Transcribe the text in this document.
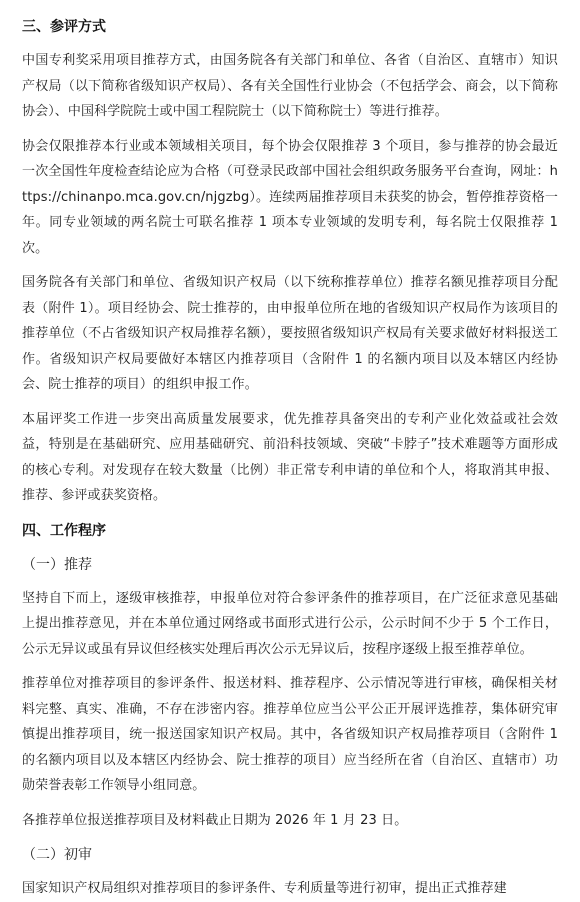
三、参评方式

中国专利奖采用项目推荐方式，由国务院各有关部门和单位、各省（自治区、直辖市）知识产权局（以下简称省级知识产权局）、各有关全国性行业协会（不包括学会、商会，以下简称协会）、中国科学院院士或中国工程院院士（以下简称院士）等进行推荐。

协会仅限推荐本行业或本领域相关项目，每个协会仅限推荐 3 个项目，参与推荐的协会最近一次全国性年度检查结论应为合格（可登录民政部中国社会组织政务服务平台查询，网址：https://chinanpo.mca.gov.cn/njgzbg）。连续两届推荐项目未获奖的协会，暂停推荐资格一年。同专业领域的两名院士可联名推荐 1 项本专业领域的发明专利，每名院士仅限推荐 1 次。

国务院各有关部门和单位、省级知识产权局（以下统称推荐单位）推荐名额见推荐项目分配表（附件 1）。项目经协会、院士推荐的，由申报单位所在地的省级知识产权局作为该项目的推荐单位（不占省级知识产权局推荐名额），要按照省级知识产权局有关要求做好材料报送工作。省级知识产权局要做好本辖区内推荐项目（含附件 1 的名额内项目以及本辖区内经协会、院士推荐的项目）的组织申报工作。

本届评奖工作进一步突出高质量发展要求，优先推荐具备突出的专利产业化效益或社会效益，特别是在基础研究、应用基础研究、前沿科技领域、突破“卡脖子”技术难题等方面形成的核心专利。对发现存在较大数量（比例）非正常专利申请的单位和个人，将取消其申报、推荐、参评或获奖资格。

四、工作程序
（一）推荐

坚持自下而上，逐级审核推荐，申报单位对符合参评条件的推荐项目，在广泛征求意见基础上提出推荐意见，并在本单位通过网络或书面形式进行公示，公示时间不少于 5 个工作日，公示无异议或虽有异议但经核实处理后再次公示无异议后，按程序逐级上报至推荐单位。

推荐单位对推荐项目的参评条件、报送材料、推荐程序、公示情况等进行审核，确保相关材料完整、真实、准确，不存在涉密内容。推荐单位应当公平公正开展评选推荐，集体研究审慎提出推荐项目，统一报送国家知识产权局。其中，各省级知识产权局推荐项目（含附件 1 的名额内项目以及本辖区内经协会、院士推荐的项目）应当经所在省（自治区、直辖市）功勋荣誉表彰工作领导小组同意。

各推荐单位报送推荐项目及材料截止日期为 2026 年 1 月 23 日。

（二）初审

国家知识产权局组织对推荐项目的参评条件、专利质量等进行初审，提出正式推荐建
